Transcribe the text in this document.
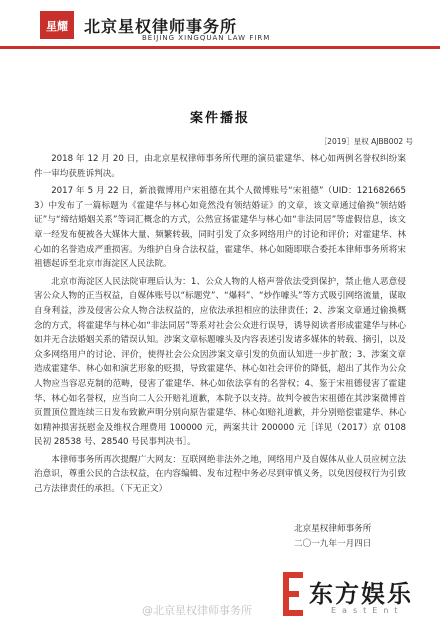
星耀 北京星权律师事务所
BEIJING XINGQUAN LAW FIRM
案件播报
［2019］星权 AJBB002 号

2018 年 12 月 20 日，由北京星权律师事务所代理的演员霍建华、林心如两例名誉权纠纷案件一审均获胜诉判决。

2017 年 5 月 22 日，新浪微博用户宋祖德在其个人微博账号“宋祖德”（UID：1216826653）中发布了一篇标题为《霍建华与林心如竟然没有领结婚证》的文章，该文章通过偷换“领结婚证”与“缔结婚姻关系”等词汇概念的方式，公然宣扬霍建华与林心如“非法同居”等虚假信息，该文章一经发布便被各大媒体大量、频繁转载，同时引发了众多网络用户的讨论和评价；对霍建华、林心如的名誉造成严重损害。为维护自身合法权益，霍建华、林心如随即联合委托本律师事务所将宋祖德起诉至北京市海淀区人民法院。

北京市海淀区人民法院审理后认为：1、公众人物的人格声誉依法受到保护，禁止他人恶意侵害公众人物的正当权益，自媒体账号以“标题党”、“爆料”、“炒作噱头”等方式吸引网络流量，谋取自身利益，涉及侵害公众人物合法权益的，应依法承担相应的法律责任；2、涉案文章通过偷换概念的方式，将霍建华与林心如“非法同居”等系对社会公众进行误导，诱导阅读者形成霍建华与林心如并无合法婚姻关系的错误认知。涉案文章标题噱头及内容表述引发诸多媒体的转载、摘引，以及众多网络用户的讨论、评价，使得社会公众因涉案文章引发的负面认知进一步扩散；3、涉案文章造成霍建华、林心如和演艺形象的贬损，导致霍建华、林心如社会评价的降低，超出了其作为公众人物应当容忍克制的范畴，侵害了霍建华、林心如依法享有的名誉权；4、鉴于宋祖德侵害了霍建华、林心如名誉权，应当向二人公开赔礼道歉，本院予以支持。故判令被告宋祖德在其涉案微博首页置顶位置连续三日发布致歉声明分别向原告霍建华、林心如赔礼道歉，并分别赔偿霍建华、林心如精神损害抚慰金及维权合理费用 100000 元，两案共计 200000 元［详见（2017）京 0108 民初 28538 号、28540 号民事判决书］。

本律师事务所再次提醒广大网友：互联网绝非法外之地，网络用户及自媒体从业人员应树立法治意识，尊重公民的合法权益，在内容编辑、发布过程中务必尽到审慎义务，以免因侵权行为引致己方法律责任的承担。（下无正文）

北京星权律师事务所
二〇一九年一月四日
@北京星权律师事务所
东方娱乐
EastEnt
